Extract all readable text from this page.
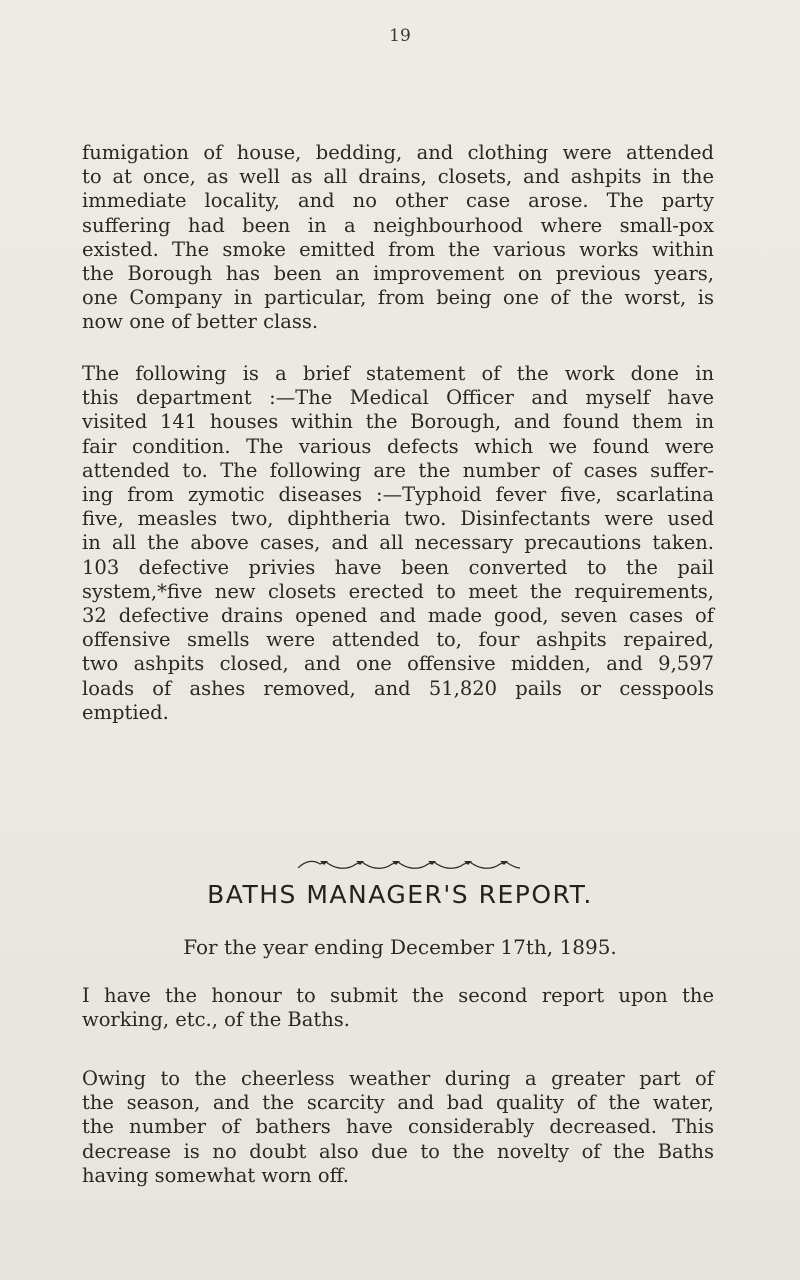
19
fumigation of house, bedding, and clothing were attended
to at once, as well as all drains, closets, and ashpits in the
immediate locality, and no other case arose. The party
suffering had been in a neighbourhood where small-pox
existed. The smoke emitted from the various works within
the Borough has been an improvement on previous years,
one Company in particular, from being one of the worst, is
now one of better class.
The following is a brief statement of the work done in
this department :—The Medical Officer and myself have
visited 141 houses within the Borough, and found them in
fair condition. The various defects which we found were
attended to. The following are the number of cases suffer-
ing from zymotic diseases :—Typhoid fever five, scarlatina
five, measles two, diphtheria two. Disinfectants were used
in all the above cases, and all necessary precautions taken.
103 defective privies have been converted to the pail
system,*five new closets erected to meet the requirements,
32 defective drains opened and made good, seven cases of
offensive smells were attended to, four ashpits repaired,
two ashpits closed, and one offensive midden, and 9,597
loads of ashes removed, and 51,820 pails or cesspools
emptied.
BATHS MANAGER'S REPORT.
For the year ending December 17th, 1895.
I have the honour to submit the second report upon the
working, etc., of the Baths.
Owing to the cheerless weather during a greater part of
the season, and the scarcity and bad quality of the water,
the number of bathers have considerably decreased. This
decrease is no doubt also due to the novelty of the Baths
having somewhat worn off.
